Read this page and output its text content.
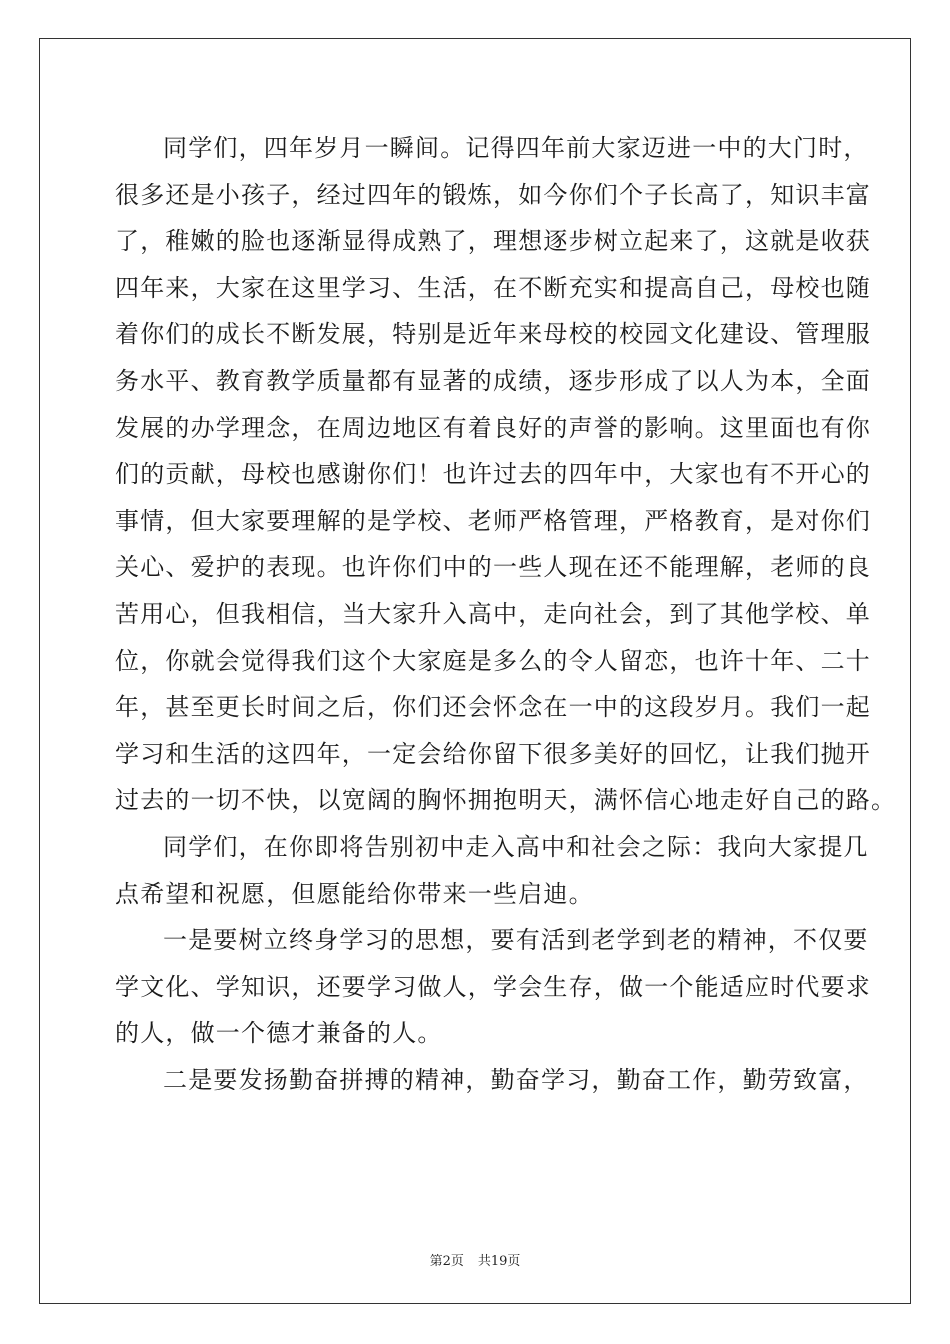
同学们，四年岁月一瞬间。记得四年前大家迈进一中的大门时，
很多还是小孩子，经过四年的锻炼，如今你们个子长高了，知识丰富
了，稚嫩的脸也逐渐显得成熟了，理想逐步树立起来了，这就是收获
四年来，大家在这里学习、生活，在不断充实和提高自己，母校也随
着你们的成长不断发展，特别是近年来母校的校园文化建设、管理服
务水平、教育教学质量都有显著的成绩，逐步形成了以人为本，全面
发展的办学理念，在周边地区有着良好的声誉的影响。这里面也有你
们的贡献，母校也感谢你们！也许过去的四年中，大家也有不开心的
事情，但大家要理解的是学校、老师严格管理，严格教育，是对你们
关心、爱护的表现。也许你们中的一些人现在还不能理解，老师的良
苦用心，但我相信，当大家升入高中，走向社会，到了其他学校、单
位，你就会觉得我们这个大家庭是多么的令人留恋，也许十年、二十
年，甚至更长时间之后，你们还会怀念在一中的这段岁月。我们一起
学习和生活的这四年，一定会给你留下很多美好的回忆，让我们抛开
过去的一切不快，以宽阔的胸怀拥抱明天，满怀信心地走好自己的路。
同学们，在你即将告别初中走入高中和社会之际：我向大家提几
点希望和祝愿，但愿能给你带来一些启迪。
一是要树立终身学习的思想，要有活到老学到老的精神，不仅要
学文化、学知识，还要学习做人，学会生存，做一个能适应时代要求
的人，做一个德才兼备的人。
二是要发扬勤奋拼搏的精神，勤奋学习，勤奋工作，勤劳致富，
第2页 共19页
